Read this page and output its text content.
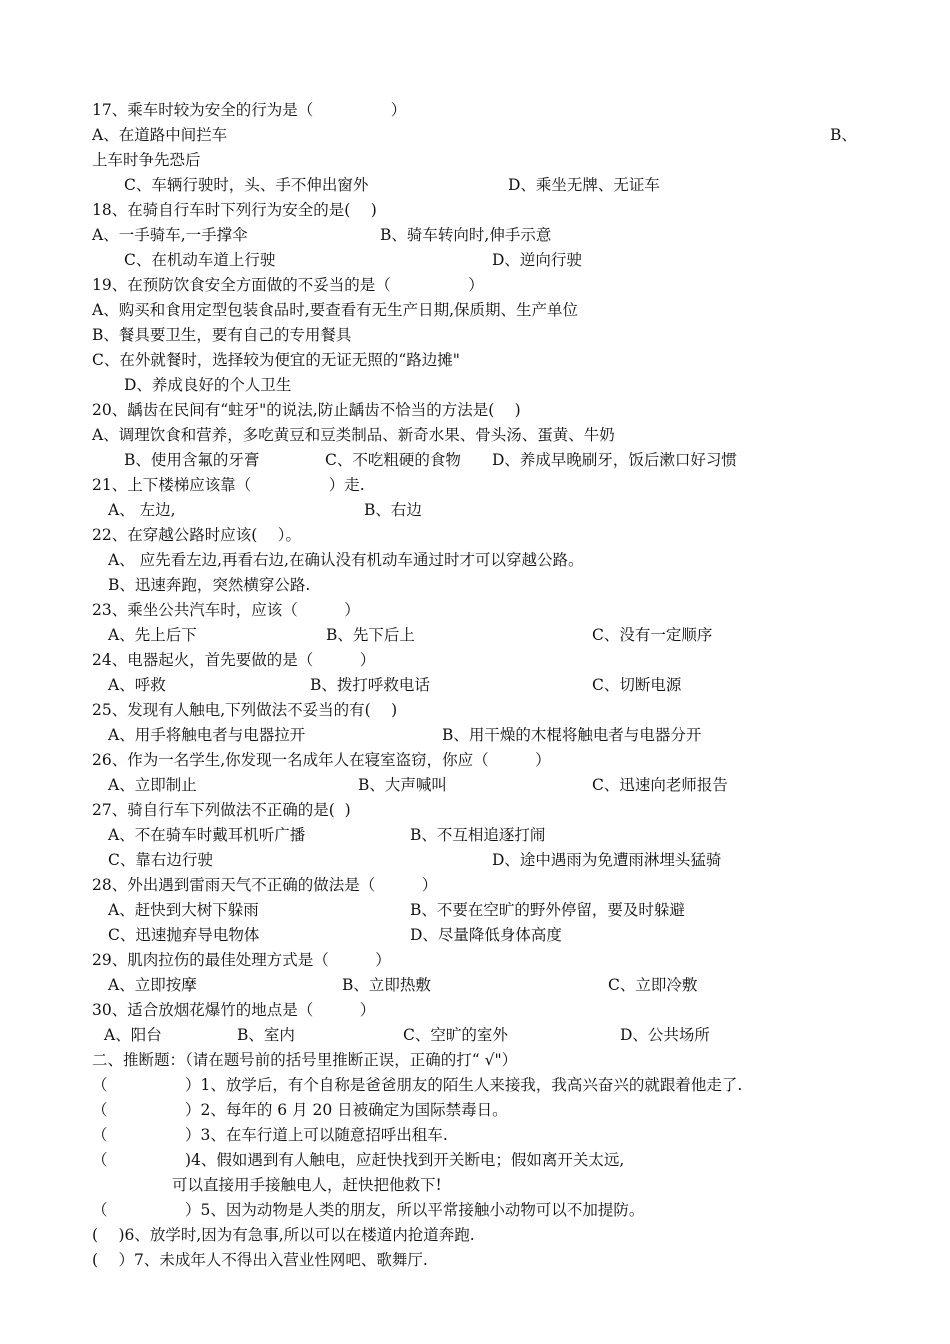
17、乘车时较为安全的行为是（　　　　　）
A、在道路中间拦车	B、
上车时争先恐后
C、车辆行驶时，头、手不伸出窗外	D、乘坐无牌、无证车
18、在骑自行车时下列行为安全的是(　 )
A、一手骑车,一手撑伞	B、骑车转向时,伸手示意
C、在机动车道上行驶	D、逆向行驶
19、在预防饮食安全方面做的不妥当的是（　　　　　）
A、购买和食用定型包装食品时,要查看有无生产日期,保质期、生产单位
B、餐具要卫生，要有自己的专用餐具
C、在外就餐时，选择较为便宜的无证无照的“路边摊"
D、养成良好的个人卫生
20、龋齿在民间有“蛀牙"的说法,防止龋齿不恰当的方法是(　 )
A、调理饮食和营养，多吃黄豆和豆类制品、新奇水果、骨头汤、蛋黄、牛奶
B、使用含氟的牙膏	C、不吃粗硬的食物 D、养成早晚刷牙，饭后漱口好习惯
21、上下楼梯应该靠（　　　　　）走.
A、 左边,	B、右边
22、在穿越公路时应该(　 ）。
A、 应先看左边,再看右边,在确认没有机动车通过时才可以穿越公路。
B、迅速奔跑，突然横穿公路.
23、乘坐公共汽车时，应该（　　　）
A、先上后下	B、先下后上	C、没有一定顺序
24、电器起火，首先要做的是（　　　）
A、呼救	B、拨打呼救电话	C、切断电源
25、发现有人触电,下列做法不妥当的有(　 )
A、用手将触电者与电器拉开	B、用干燥的木棍将触电者与电器分开
26、作为一名学生,你发现一名成年人在寝室盗窃，你应（　　　）
A、立即制止	B、大声喊叫	C、迅速向老师报告
27、骑自行车下列做法不正确的是(  )
A、不在骑车时戴耳机听广播	B、不互相追逐打闹
C、靠右边行驶	D、途中遇雨为免遭雨淋埋头猛骑
28、外出遇到雷雨天气不正确的做法是（　　　）
A、赶快到大树下躲雨	B、不要在空旷的野外停留，要及时躲避
C、迅速抛弃导电物体	D、尽量降低身体高度
29、肌肉拉伤的最佳处理方式是（　　　）
A、立即按摩	B、立即热敷	C、立即冷敷
30、适合放烟花爆竹的地点是（　　　）
A、阳台	B、室内	C、空旷的室外	D、公共场所
二、推断题：（请在题号前的括号里推断正误，正确的打“ √"）
（　　　　　）1、放学后，有个自称是爸爸朋友的陌生人来接我，我高兴奋兴的就跟着他走了.
（　　　　　）2、每年的 6 月 20 日被确定为国际禁毒日。
（　　　　　）3、在车行道上可以随意招呼出租车.
（　　　　　)4、假如遇到有人触电，应赶快找到开关断电；假如离开关太远,
可以直接用手接触电人，赶快把他救下!
（　　　　　）5、因为动物是人类的朋友，所以平常接触小动物可以不加提防。
(　 )6、放学时,因为有急事,所以可以在楼道内抢道奔跑.
(　 ）7、未成年人不得出入营业性网吧、歌舞厅.
